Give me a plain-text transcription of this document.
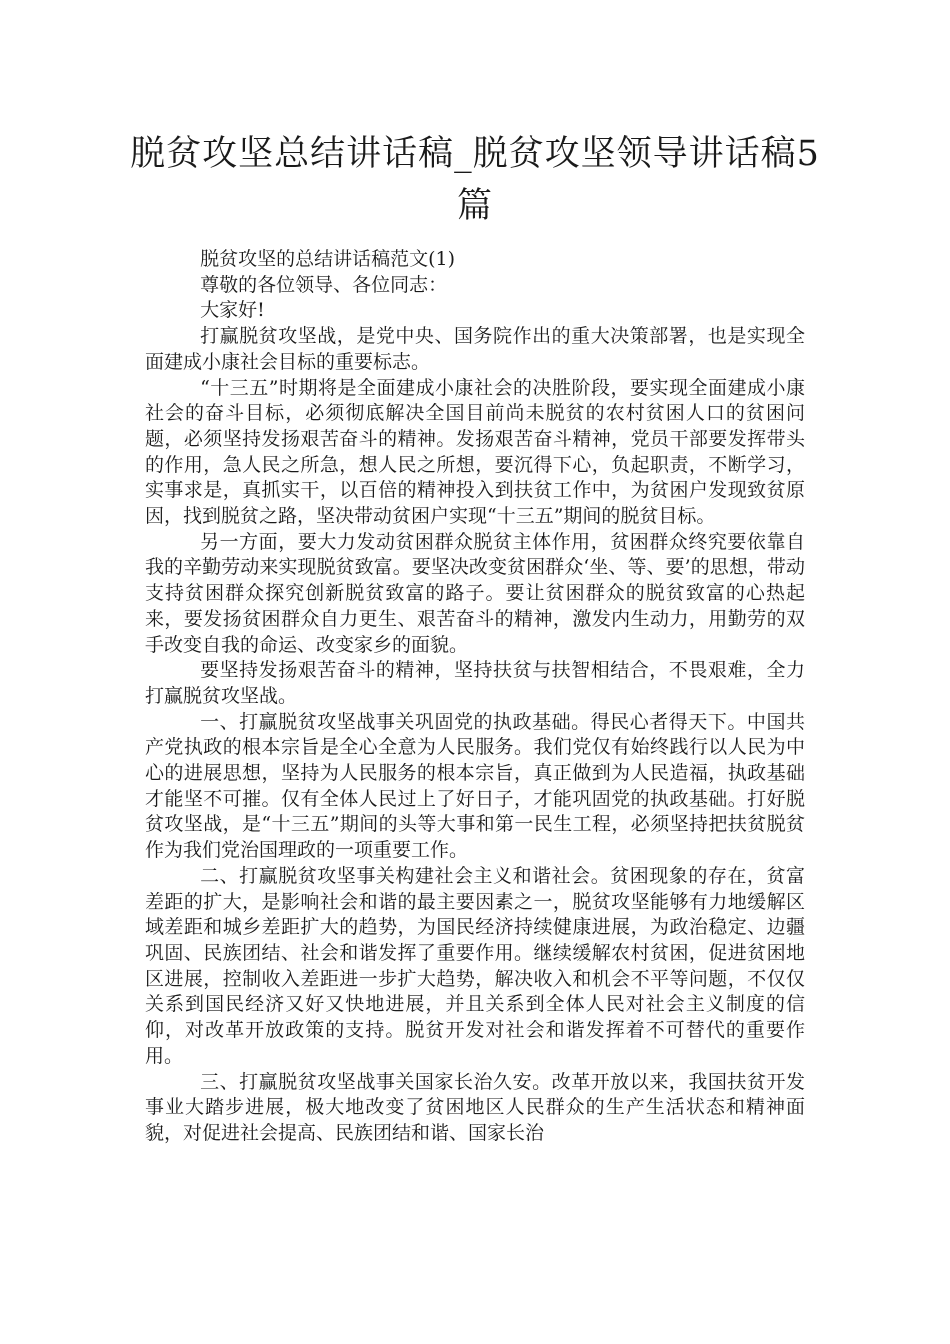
脱贫攻坚总结讲话稿_脱贫攻坚领导讲话稿5篇

脱贫攻坚的总结讲话稿范文(1)

尊敬的各位领导、各位同志：

大家好!

打赢脱贫攻坚战，是党中央、国务院作出的重大决策部署，也是实现全面建成小康社会目标的重要标志。

“十三五”时期将是全面建成小康社会的决胜阶段，要实现全面建成小康社会的奋斗目标，必须彻底解决全国目前尚未脱贫的农村贫困人口的贫困问题，必须坚持发扬艰苦奋斗的精神。发扬艰苦奋斗精神，党员干部要发挥带头的作用，急人民之所急，想人民之所想，要沉得下心，负起职责，不断学习，实事求是，真抓实干，以百倍的精神投入到扶贫工作中，为贫困户发现致贫原因，找到脱贫之路，坚决带动贫困户实现“十三五”期间的脱贫目标。

另一方面，要大力发动贫困群众脱贫主体作用，贫困群众终究要依靠自我的辛勤劳动来实现脱贫致富。要坚决改变贫困群众‘坐、等、要’的思想，带动支持贫困群众探究创新脱贫致富的路子。要让贫困群众的脱贫致富的心热起来，要发扬贫困群众自力更生、艰苦奋斗的精神，激发内生动力，用勤劳的双手改变自我的命运、改变家乡的面貌。

要坚持发扬艰苦奋斗的精神，坚持扶贫与扶智相结合，不畏艰难，全力打赢脱贫攻坚战。

一、打赢脱贫攻坚战事关巩固党的执政基础。得民心者得天下。中国共产党执政的根本宗旨是全心全意为人民服务。我们党仅有始终践行以人民为中心的进展思想，坚持为人民服务的根本宗旨，真正做到为人民造福，执政基础才能坚不可摧。仅有全体人民过上了好日子，才能巩固党的执政基础。打好脱贫攻坚战，是“十三五”期间的头等大事和第一民生工程，必须坚持把扶贫脱贫作为我们党治国理政的一项重要工作。

二、打赢脱贫攻坚事关构建社会主义和谐社会。贫困现象的存在，贫富差距的扩大，是影响社会和谐的最主要因素之一，脱贫攻坚能够有力地缓解区域差距和城乡差距扩大的趋势，为国民经济持续健康进展，为政治稳定、边疆巩固、民族团结、社会和谐发挥了重要作用。继续缓解农村贫困，促进贫困地区进展，控制收入差距进一步扩大趋势，解决收入和机会不平等问题，不仅仅关系到国民经济又好又快地进展，并且关系到全体人民对社会主义制度的信仰，对改革开放政策的支持。脱贫开发对社会和谐发挥着不可替代的重要作用。

三、打赢脱贫攻坚战事关国家长治久安。改革开放以来，我国扶贫开发事业大踏步进展，极大地改变了贫困地区人民群众的生产生活状态和精神面貌，对促进社会提高、民族团结和谐、国家长治
